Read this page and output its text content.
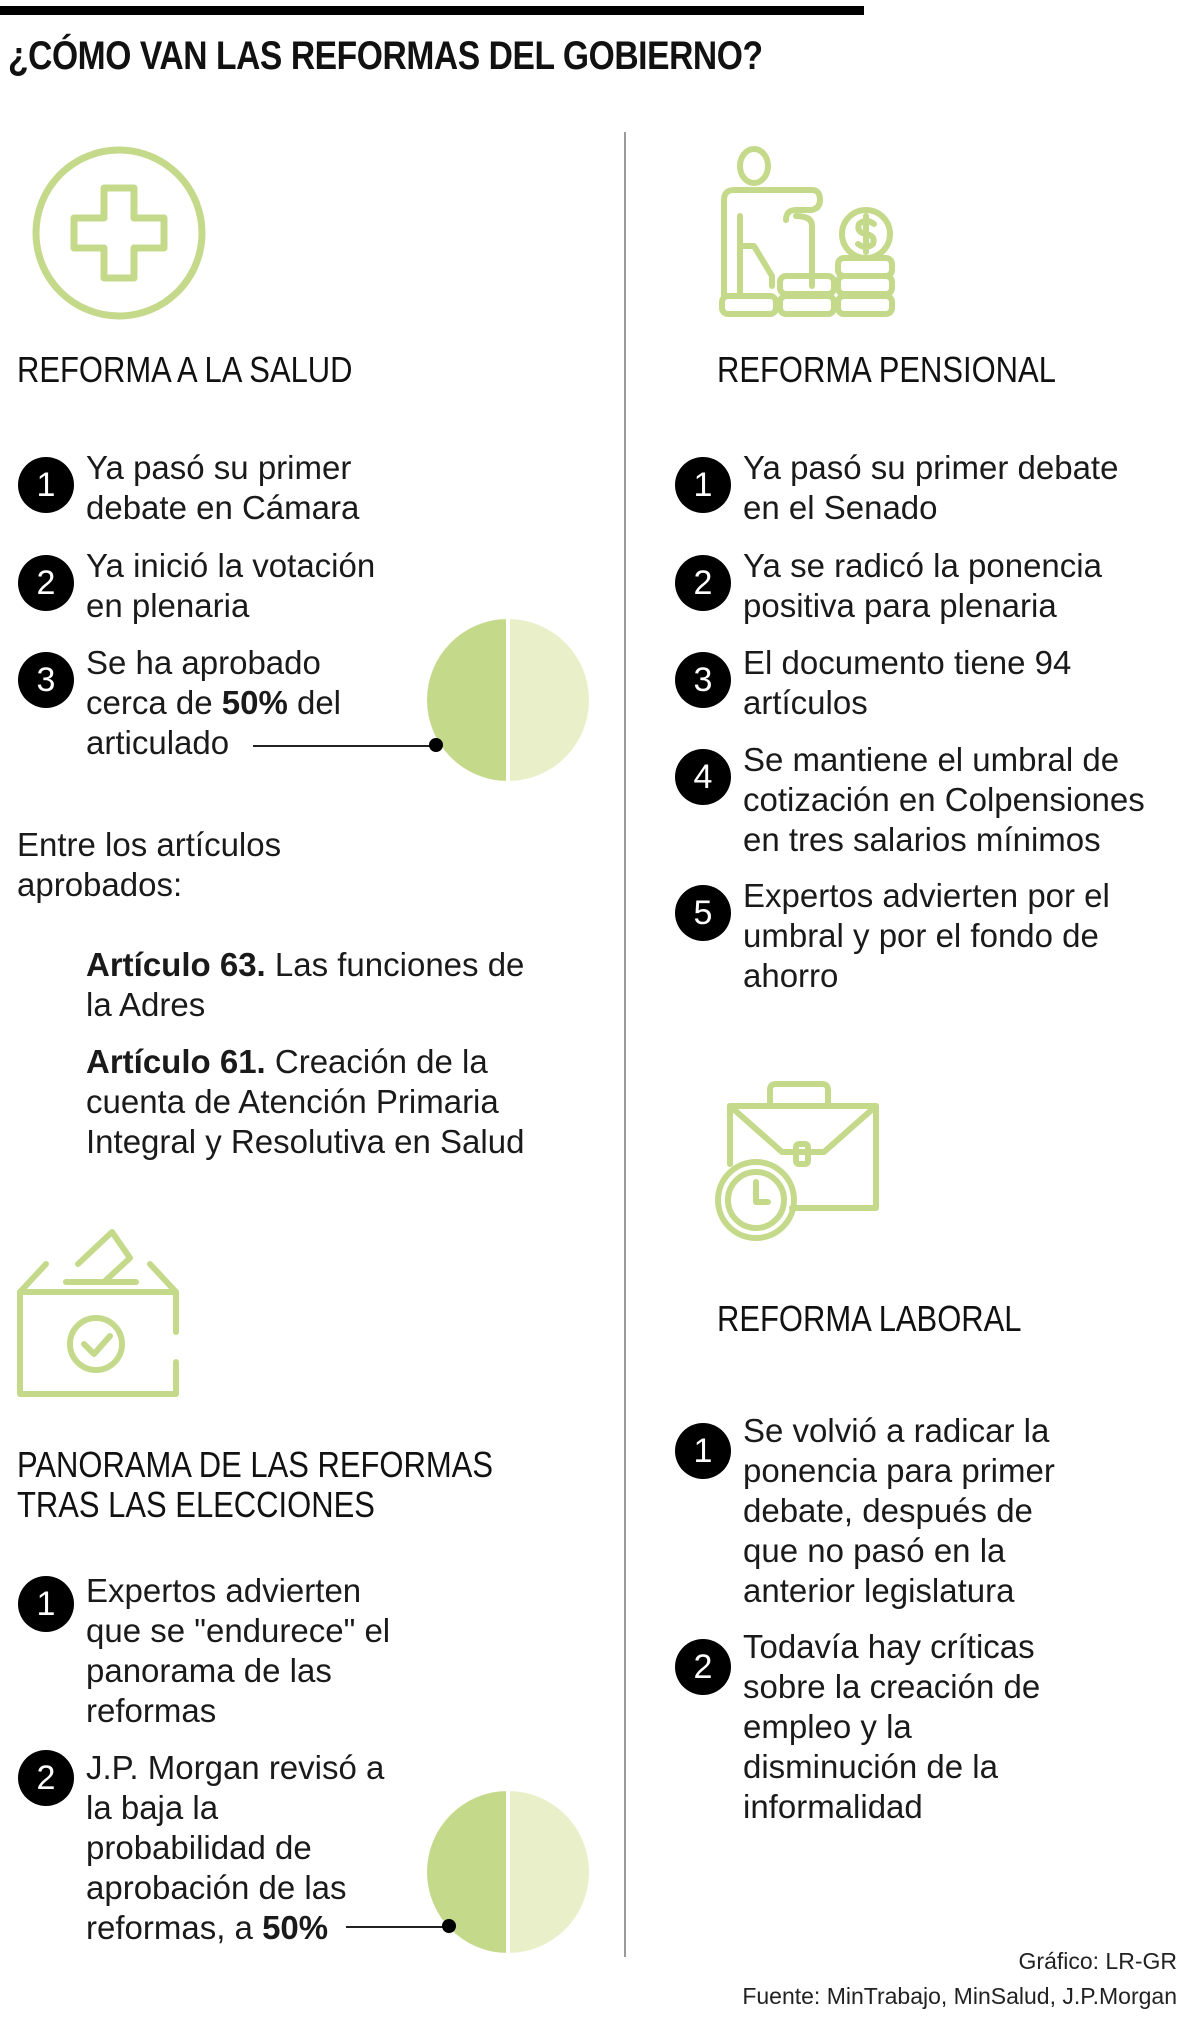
¿CÓMO VAN LAS REFORMAS DEL GOBIERNO?
REFORMA A LA SALUD
1 Ya pasó su primer
debate en Cámara
2 Ya inició la votación
en plenaria
3 Se ha aprobado
cerca de 50% del
articulado
Entre los artículos
aprobados:
Artículo 63. Las funciones de
la Adres
Artículo 61. Creación de la
cuenta de Atención Primaria
Integral y Resolutiva en Salud
PANORAMA DE LAS REFORMAS
TRAS LAS ELECCIONES
1 Expertos advierten
que se "endurece" el
panorama de las
reformas
2 J.P. Morgan revisó a
la baja la
probabilidad de
aprobación de las
reformas, a 50%
REFORMA PENSIONAL
1 Ya pasó su primer debate
en el Senado
2 Ya se radicó la ponencia
positiva para plenaria
3 El documento tiene 94
artículos
4 Se mantiene el umbral de
cotización en Colpensiones
en tres salarios mínimos
5 Expertos advierten por el
umbral y por el fondo de
ahorro
REFORMA LABORAL
1
Se volvió a radicar la
ponencia para primer
debate, después de
que no pasó en la
anterior legislatura
2
Todavía hay críticas
sobre la creación de
empleo y la
disminución de la
informalidad
Gráfico: LR-GR
Fuente: MinTrabajo, MinSalud, J.P.Morgan
